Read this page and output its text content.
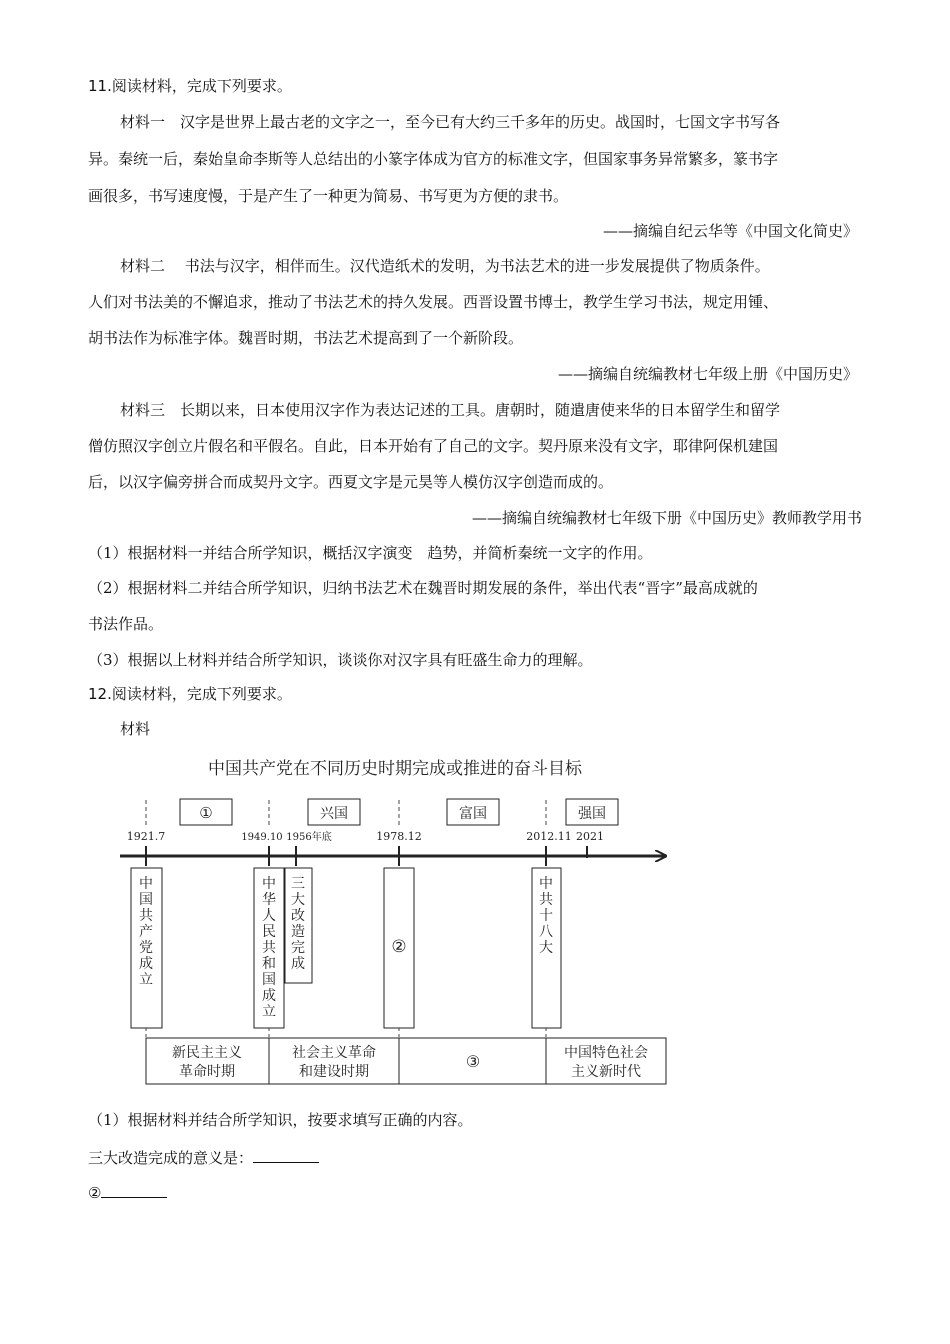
11.阅读材料，完成下列要求。
材料一　汉字是世界上最古老的文字之一，至今已有大约三千多年的历史。战国时，七国文字书写各
异。秦统一后，秦始皇命李斯等人总结出的小篆字体成为官方的标准文字，但国家事务异常繁多，篆书字
画很多，书写速度慢，于是产生了一种更为简易、书写更为方便的隶书。
——摘编自纪云华等《中国文化简史》
材料二　 书法与汉字，相伴而生。汉代造纸术的发明，为书法艺术的进一步发展提供了物质条件。
人们对书法美的不懈追求，推动了书法艺术的持久发展。西晋设置书博士，教学生学习书法，规定用锺、
胡书法作为标准字体。魏晋时期，书法艺术提高到了一个新阶段。
——摘编自统编教材七年级上册《中国历史》
材料三　长期以来，日本使用汉字作为表达记述的工具。唐朝时，随遣唐使来华的日本留学生和留学
僧仿照汉字创立片假名和平假名。自此，日本开始有了自己的文字。契丹原来没有文字，耶律阿保机建国
后，以汉字偏旁拼合而成契丹文字。西夏文字是元昊等人模仿汉字创造而成的。
——摘编自统编教材七年级下册《中国历史》教师教学用书
（1）根据材料一并结合所学知识，概括汉字演变　趋势，并简析秦统一文字的作用。
（2）根据材料二并结合所学知识，归纳书法艺术在魏晋时期发展的条件，举出代表“晋字”最高成就的
书法作品。
（3）根据以上材料并结合所学知识，谈谈你对汉字具有旺盛生命力的理解。
12.阅读材料，完成下列要求。
材料
中国共产党在不同历史时期完成或推进的奋斗目标
①	兴国	富国	强国
1921.7	1949.10 1956年底	1978.12	2012.11 2021
中国共产党成立
中华人民共和国成立
三大改造完成
②
中共十八大
新民主主义
革命时期
社会主义革命
和建设时期
③	中国特色社会
主义新时代
（1）根据材料并结合所学知识，按要求填写正确的内容。
三大改造完成的意义是：
②
